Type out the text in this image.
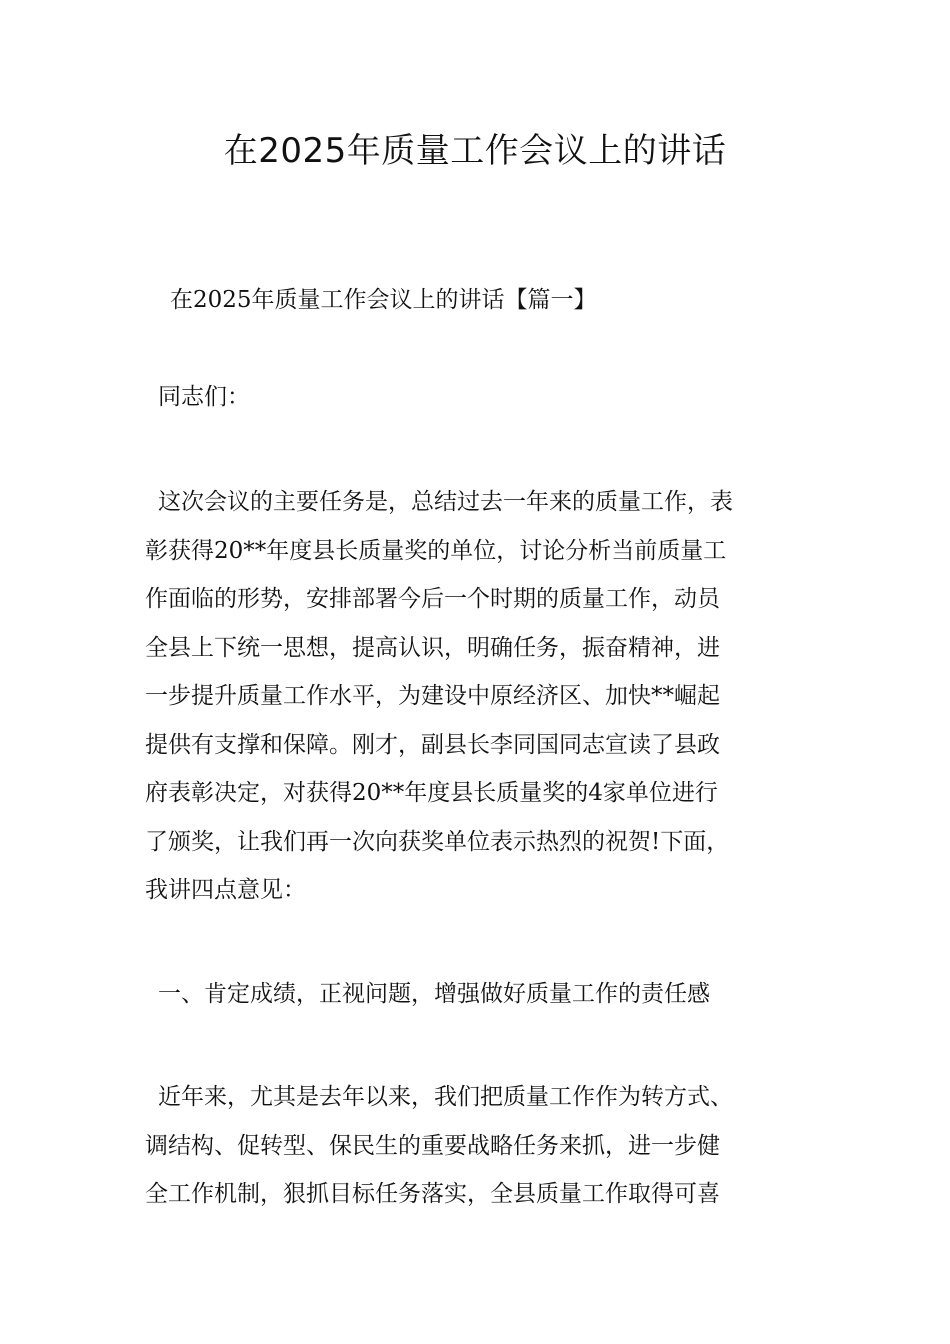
在2025年质量工作会议上的讲话
在2025年质量工作会议上的讲话【篇一】
同志们：
这次会议的主要任务是，总结过去一年来的质量工作，表
彰获得20**年度县长质量奖的单位，讨论分析当前质量工
作面临的形势，安排部署今后一个时期的质量工作，动员
全县上下统一思想，提高认识，明确任务，振奋精神，进
一步提升质量工作水平，为建设中原经济区、加快**崛起
提供有支撑和保障。刚才，副县长李同国同志宣读了县政
府表彰决定，对获得20**年度县长质量奖的4家单位进行
了颁奖，让我们再一次向获奖单位表示热烈的祝贺!下面，
我讲四点意见：
一、肯定成绩，正视问题，增强做好质量工作的责任感
近年来，尤其是去年以来，我们把质量工作作为转方式、
调结构、促转型、保民生的重要战略任务来抓，进一步健
全工作机制，狠抓目标任务落实，全县质量工作取得可喜
